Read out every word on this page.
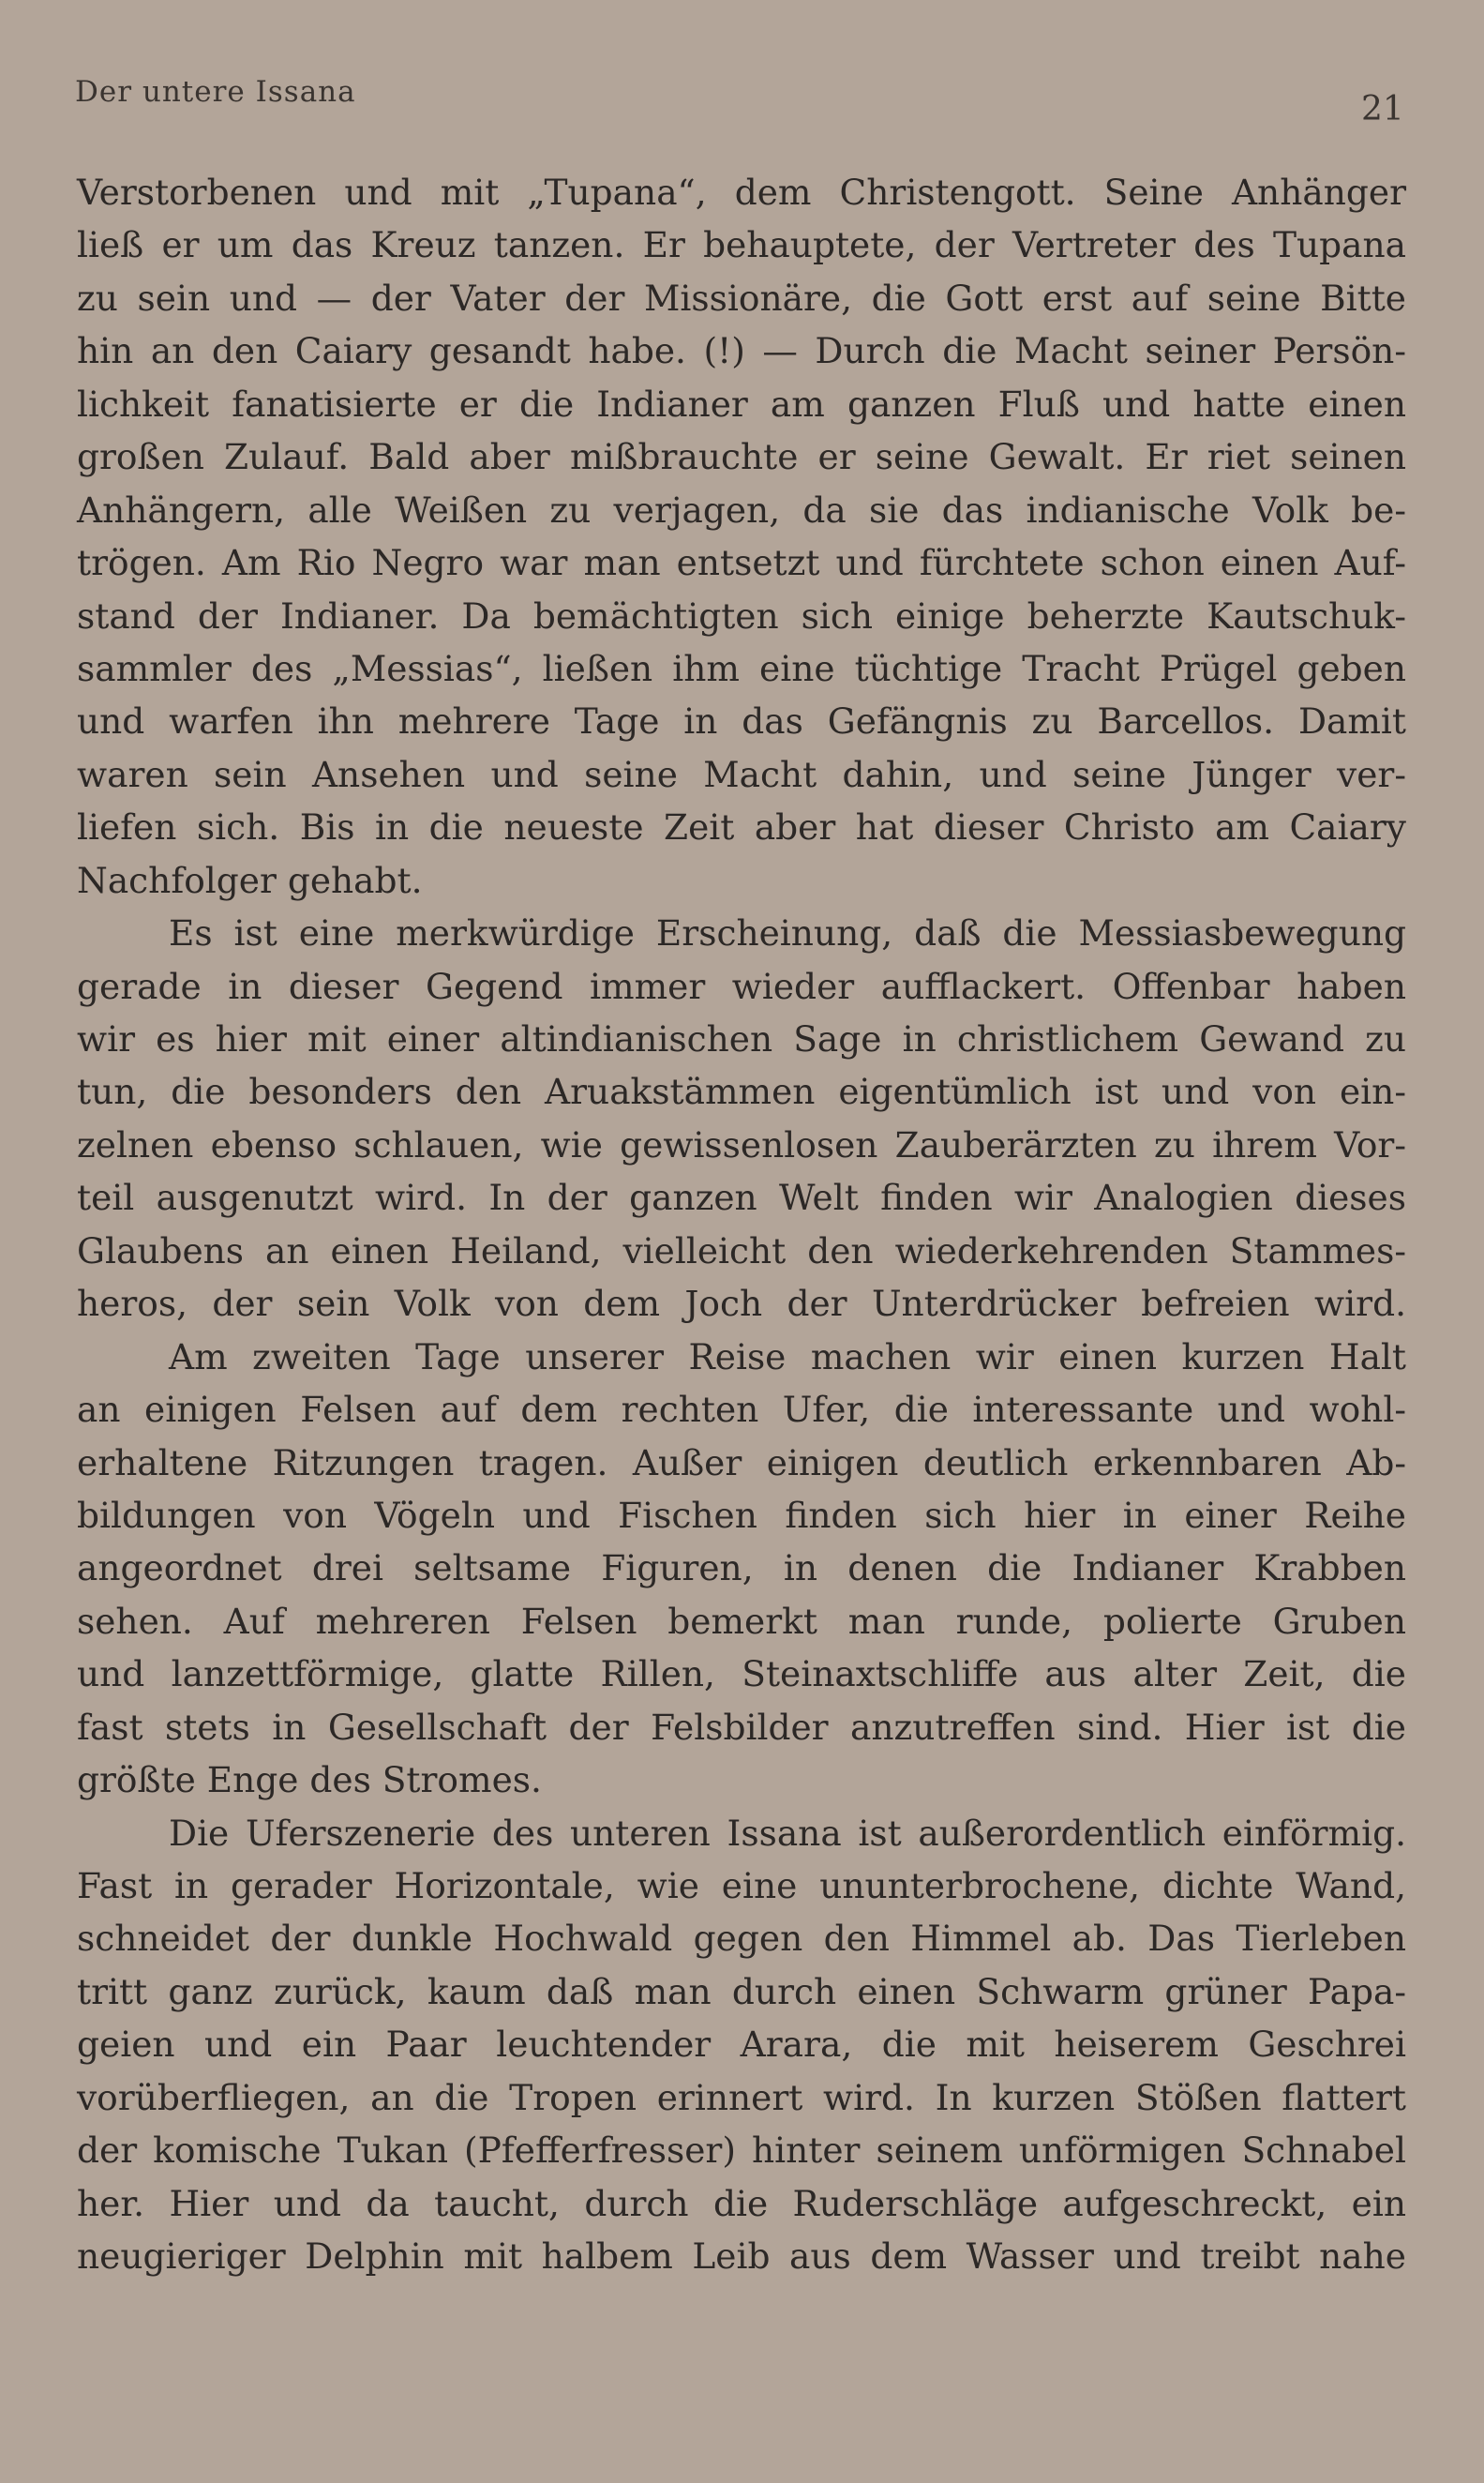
Der untere Issana	21
Verstorbenen und mit „Tupana“, dem Christengott. Seine Anhänger
ließ er um das Kreuz tanzen. Er behauptete, der Vertreter des Tupana
zu sein und — der Vater der Missionäre, die Gott erst auf seine Bitte
hin an den Caiary gesandt habe. (!) — Durch die Macht seiner Persön-
lichkeit fanatisierte er die Indianer am ganzen Fluß und hatte einen
großen Zulauf. Bald aber mißbrauchte er seine Gewalt. Er riet seinen
Anhängern, alle Weißen zu verjagen, da sie das indianische Volk be-
trögen. Am Rio Negro war man entsetzt und fürchtete schon einen Auf-
stand der Indianer. Da bemächtigten sich einige beherzte Kautschuk-
sammler des „Messias“, ließen ihm eine tüchtige Tracht Prügel geben
und warfen ihn mehrere Tage in das Gefängnis zu Barcellos. Damit
waren sein Ansehen und seine Macht dahin, und seine Jünger ver-
liefen sich. Bis in die neueste Zeit aber hat dieser Christo am Caiary
Nachfolger gehabt.
Es ist eine merkwürdige Erscheinung, daß die Messiasbewegung
gerade in dieser Gegend immer wieder aufflackert. Offenbar haben
wir es hier mit einer altindianischen Sage in christlichem Gewand zu
tun, die besonders den Aruakstämmen eigentümlich ist und von ein-
zelnen ebenso schlauen, wie gewissenlosen Zauberärzten zu ihrem Vor-
teil ausgenutzt wird. In der ganzen Welt finden wir Analogien dieses
Glaubens an einen Heiland, vielleicht den wiederkehrenden Stammes-
heros, der sein Volk von dem Joch der Unterdrücker befreien wird.
Am zweiten Tage unserer Reise machen wir einen kurzen Halt
an einigen Felsen auf dem rechten Ufer, die interessante und wohl-
erhaltene Ritzungen tragen. Außer einigen deutlich erkennbaren Ab-
bildungen von Vögeln und Fischen finden sich hier in einer Reihe
angeordnet drei seltsame Figuren, in denen die Indianer Krabben
sehen. Auf mehreren Felsen bemerkt man runde, polierte Gruben
und lanzettförmige, glatte Rillen, Steinaxtschliffe aus alter Zeit, die
fast stets in Gesellschaft der Felsbilder anzutreffen sind. Hier ist die
größte Enge des Stromes.
Die Uferszenerie des unteren Issana ist außerordentlich einförmig.
Fast in gerader Horizontale, wie eine ununterbrochene, dichte Wand,
schneidet der dunkle Hochwald gegen den Himmel ab. Das Tierleben
tritt ganz zurück, kaum daß man durch einen Schwarm grüner Papa-
geien und ein Paar leuchtender Arara, die mit heiserem Geschrei
vorüberfliegen, an die Tropen erinnert wird. In kurzen Stößen flattert
der komische Tukan (Pfefferfresser) hinter seinem unförmigen Schnabel
her. Hier und da taucht, durch die Ruderschläge aufgeschreckt, ein
neugieriger Delphin mit halbem Leib aus dem Wasser und treibt nahe
